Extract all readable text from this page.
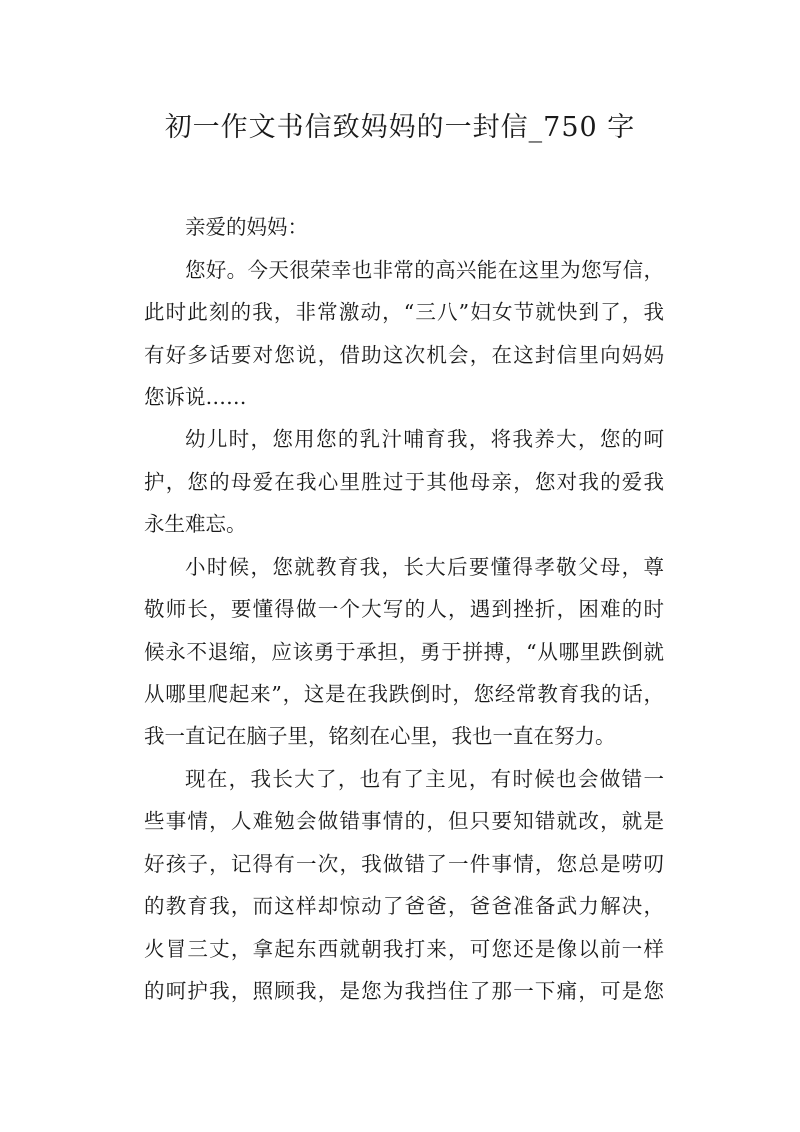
初一作文书信致妈妈的一封信_750 字

亲爱的妈妈：

您好。今天很荣幸也非常的高兴能在这里为您写信，

此时此刻的我，非常激动，“三八”妇女节就快到了，我

有好多话要对您说，借助这次机会，在这封信里向妈妈

您诉说……

幼儿时，您用您的乳汁哺育我，将我养大，您的呵

护，您的母爱在我心里胜过于其他母亲，您对我的爱我

永生难忘。

小时候，您就教育我，长大后要懂得孝敬父母，尊

敬师长，要懂得做一个大写的人，遇到挫折，困难的时

候永不退缩，应该勇于承担，勇于拼搏，“从哪里跌倒就

从哪里爬起来”，这是在我跌倒时，您经常教育我的话，

我一直记在脑子里，铭刻在心里，我也一直在努力。

现在，我长大了，也有了主见，有时候也会做错一

些事情，人难勉会做错事情的，但只要知错就改，就是

好孩子，记得有一次，我做错了一件事情，您总是唠叨

的教育我，而这样却惊动了爸爸，爸爸准备武力解决，

火冒三丈，拿起东西就朝我打来，可您还是像以前一样

的呵护我，照顾我，是您为我挡住了那一下痛，可是您
